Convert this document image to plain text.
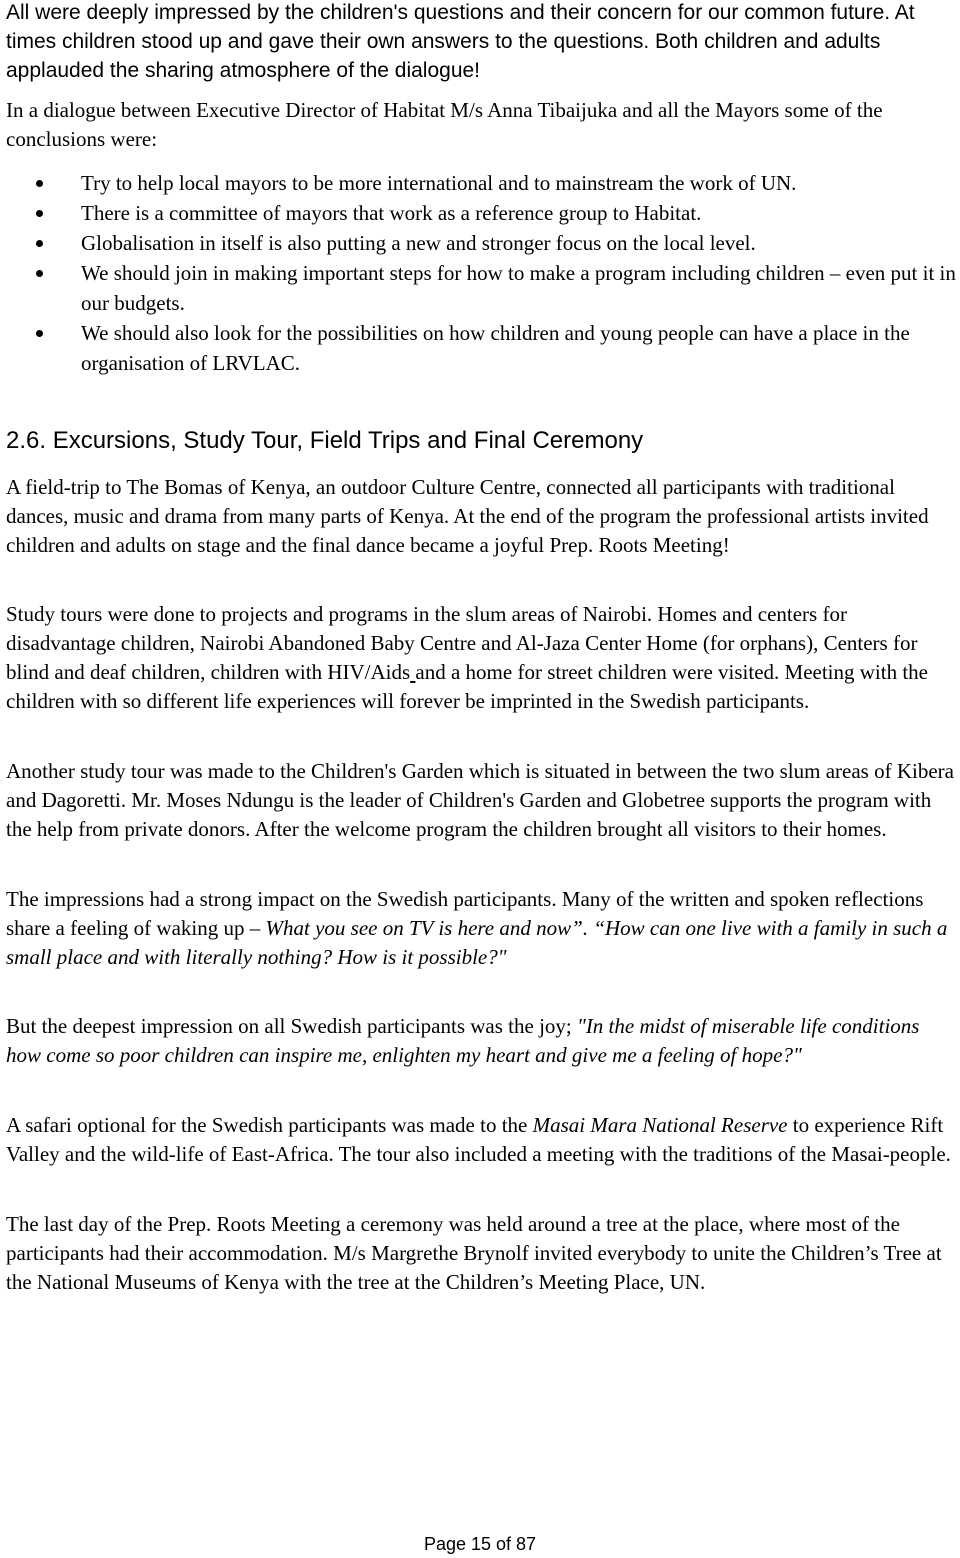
All were deeply impressed by the children's questions and their concern for our common future. At times children stood up and gave their own answers to the questions. Both children and adults applauded the sharing atmosphere of the dialogue!

In a dialogue between Executive Director of Habitat M/s Anna Tibaijuka and all the Mayors some of the conclusions were:

Try to help local mayors to be more international and to mainstream the work of UN.
There is a committee of mayors that work as a reference group to Habitat.
Globalisation in itself is also putting a new and stronger focus on the local level.
We should join in making important steps for how to make a program including children – even put it in our budgets.
We should also look for the possibilities on how children and young people can have a place in the organisation of LRVLAC.
2.6. Excursions, Study Tour, Field Trips and Final Ceremony

A field-trip to The Bomas of Kenya, an outdoor Culture Centre, connected all participants with traditional dances, music and drama from many parts of Kenya. At the end of the program the professional artists invited children and adults on stage and the final dance became a joyful Prep. Roots Meeting!

Study tours were done to projects and programs in the slum areas of Nairobi. Homes and centers for disadvantage children, Nairobi Abandoned Baby Centre and Al-Jaza Center Home (for orphans), Centers for blind and deaf children, children with HIV/Aids and a home for street children were visited. Meeting with the children with so different life experiences will forever be imprinted in the Swedish participants.

Another study tour was made to the Children's Garden which is situated in between the two slum areas of Kibera and Dagoretti. Mr. Moses Ndungu is the leader of Children's Garden and Globetree supports the program with the help from private donors. After the welcome program the children brought all visitors to their homes.

The impressions had a strong impact on the Swedish participants. Many of the written and spoken reflections share a feeling of waking up – What you see on TV is here and now”. “How can one live with a family in such a small place and with literally nothing? How is it possible?"

But the deepest impression on all Swedish participants was the joy; "In the midst of miserable life conditions how come so poor children can inspire me, enlighten my heart and give me a feeling of hope?"

A safari optional for the Swedish participants was made to the Masai Mara National Reserve to experience Rift Valley and the wild-life of East-Africa. The tour also included a meeting with the traditions of the Masai-people.

The last day of the Prep. Roots Meeting a ceremony was held around a tree at the place, where most of the participants had their accommodation. M/s Margrethe Brynolf invited everybody to unite the Children’s Tree at the National Museums of Kenya with the tree at the Children’s Meeting Place, UN.

Page 15 of 87
